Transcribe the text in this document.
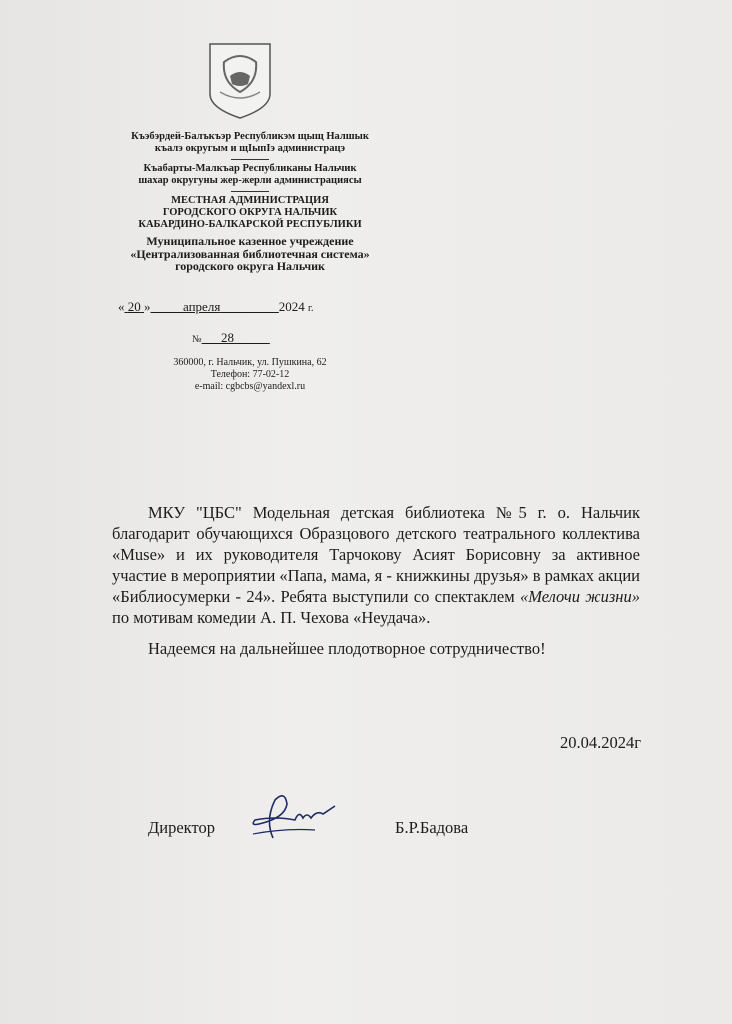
Къэбэрдей-Балъкъэр Республикэм щыщ Налшык
къалэ округым и щIыпIэ администрацэ
Къабарты-Малкъар Республиканы Нальчик
шахар округуны жер-жерли администрациясы
МЕСТНАЯ АДМИНИСТРАЦИЯ
ГОРОДСКОГО ОКРУГА НАЛЬЧИК
КАБАРДИНО-БАЛКАРСКОЙ РЕСПУБЛИКИ
Муниципальное казенное учреждение
«Централизованная библиотечная система»
городского округа Нальчик
« 20 »	апреля	2024 г.
№ 28
360000, г. Нальчик, ул. Пушкина, 62
Телефон: 77-02-12
e-mail: cgbcbs@yandexl.ru
МКУ "ЦБС" Модельная детская библиотека №5 г. о. Нальчик благодарит обучающихся Образцового детского театрального коллектива «Muse» и их руководителя Тарчокову Асият Борисовну за активное участие в мероприятии «Папа, мама, я - книжкины друзья» в рамках акции «Библиосумерки - 24». Ребята выступили со спектаклем «Мелочи жизни» по мотивам комедии А. П. Чехова «Неудача».
Надеемся на дальнейшее плодотворное сотрудничество!
20.04.2024г
Директор	Б.Р.Бадова
